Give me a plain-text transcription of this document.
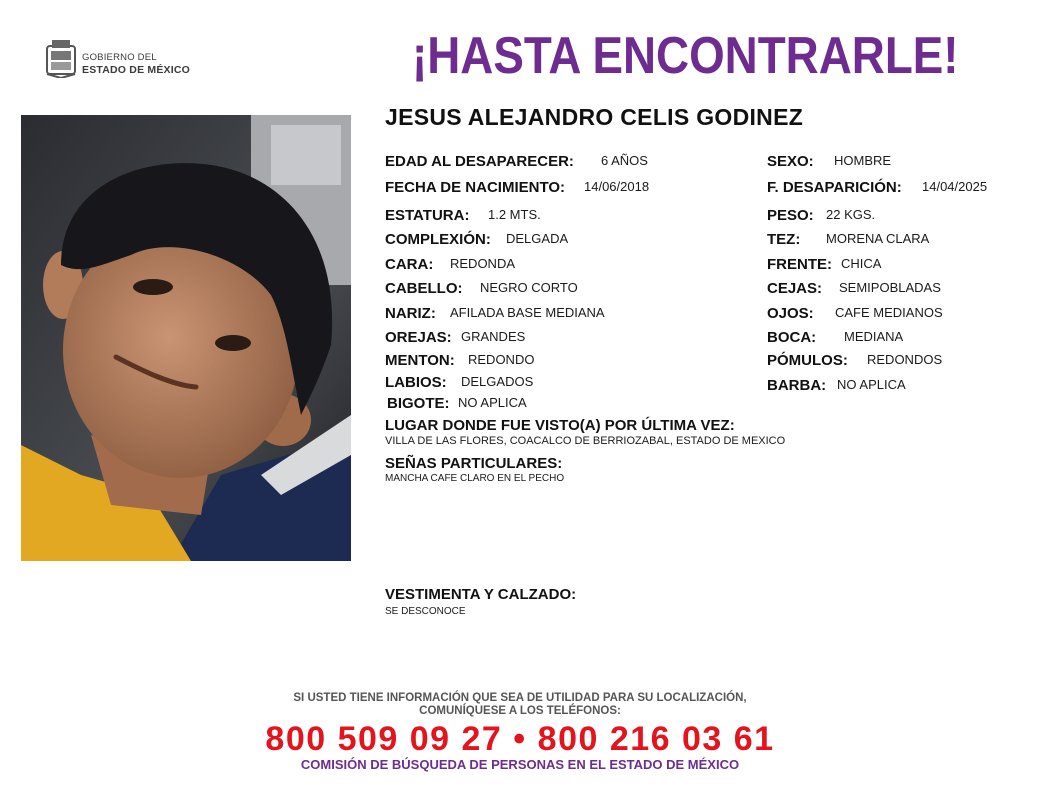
GOBIERNO DEL
ESTADO DE MÉXICO	¡HASTA ENCONTRARLE!
JESUS ALEJANDRO CELIS GODINEZ
EDAD AL DESAPARECER: 6 AÑOS
FECHA DE NACIMIENTO: 14/06/2018
ESTATURA: 1.2 MTS.
COMPLEXIÓN: DELGADA
CARA: REDONDA
CABELLO: NEGRO CORTO
NARIZ: AFILADA BASE MEDIANA
OREJAS: GRANDES
MENTON: REDONDO
LABIOS: DELGADOS
BIGOTE: NO APLICA
SEXO: HOMBRE
F. DESAPARICIÓN: 14/04/2025
PESO: 22 KGS.
TEZ: MORENA CLARA
FRENTE: CHICA
CEJAS: SEMIPOBLADAS
OJOS: CAFE MEDIANOS
BOCA: MEDIANA
PÓMULOS: REDONDOS
BARBA: NO APLICA
LUGAR DONDE FUE VISTO(A) POR ÚLTIMA VEZ:
VILLA DE LAS FLORES, COACALCO DE BERRIOZABAL, ESTADO DE MEXICO
SEÑAS PARTICULARES:
MANCHA CAFE CLARO EN EL PECHO
VESTIMENTA Y CALZADO:
SE DESCONOCE
SI USTED TIENE INFORMACIÓN QUE SEA DE UTILIDAD PARA SU LOCALIZACIÓN,
COMUNÍQUESE A LOS TELÉFONOS:
800 509 09 27 • 800 216 03 61
COMISIÓN DE BÚSQUEDA DE PERSONAS EN EL ESTADO DE MÉXICO
